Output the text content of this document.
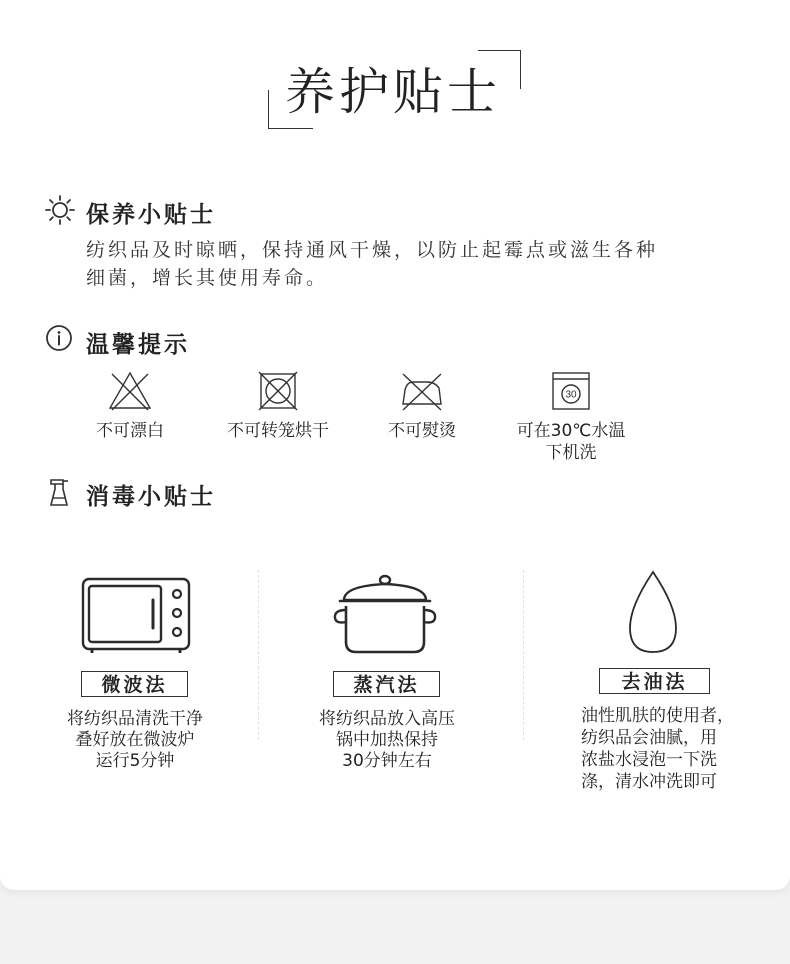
养护贴士
保养小贴士
纺织品及时晾晒，保持通风干燥，以防止起霉点或滋生各种
细菌，增长其使用寿命。
温馨提示
不可漂白	不可转笼烘干	不可熨烫
30
可在30℃水温
下机洗
消毒小贴士
微波法
将纺织品清洗干净
叠好放在微波炉
运行5分钟
蒸汽法
将纺织品放入高压
锅中加热保持
30分钟左右
去油法
油性肌肤的使用者，
纺织品会油腻，用
浓盐水浸泡一下洗
涤，清水冲洗即可
